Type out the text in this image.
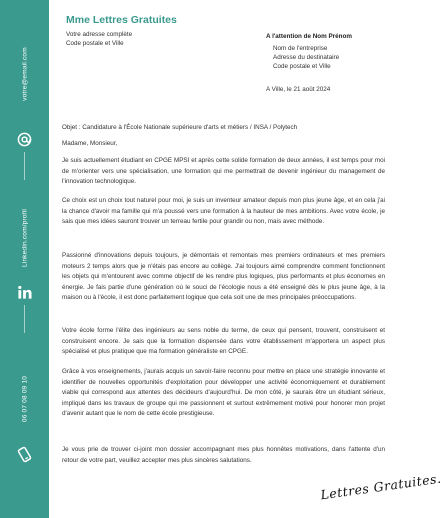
votre@email.com
Linkedin.com/profil
06 07 08 09 10
Mme Lettres Gratuites
Votre adresse complète
Code postale et Ville
A l'attention de Nom Prénom
Nom de l'entreprise
Adresse du destinataire
Code postale et Ville
A Ville, le 21 août 2024
Objet : Candidature à l'École Nationale supérieure d'arts et métiers / INSA / Polytech
Madame, Monsieur,

Je suis actuellement étudiant en CPGE MPSI et après cette solide formation de deux années, il est temps pour moi de m'orienter vers une spécialisation, une formation qui me permettrait de devenir ingénieur du management de l'innovation technologique.

Ce choix est un choix tout naturel pour moi, je suis un inventeur amateur depuis mon plus jeune âge, et en cela j'ai la chance d'avoir ma famille qui m'a poussé vers une formation à la hauteur de mes ambitions. Avec votre école, je sais que mes idées sauront trouver un terreau fertile pour grandir ou non, mais avec méthode.

Passionné d'innovations depuis toujours, je démontais et remontais mes premiers ordinateurs et mes premiers moteurs 2 temps alors que je n'étais pas encore au collège. J'ai toujours aimé comprendre comment fonctionnent les objets qui m'entourent avec comme objectif de les rendre plus logiques, plus performants et plus économes en énergie. Je fais partie d'une génération où le souci de l'écologie nous a été enseigné dès le plus jeune âge, à la maison ou à l'école, il est donc parfaitement logique que cela soit une de mes principales préoccupations.

Votre école forme l'élite des ingénieurs au sens noble du terme, de ceux qui pensent, trouvent, construisent et construisent encore. Je sais que la formation dispensée dans votre établissement m'apportera un aspect plus spécialisé et plus pratique que ma formation généraliste en CPGE.

Grâce à vos enseignements, j'aurais acquis un savoir-faire reconnu pour mettre en place une stratégie innovante et identifier de nouvelles opportunités d'exploitation pour développer une activité économiquement et durablement viable qui correspond aux attentes des décideurs d'aujourd'hui. De mon côté, je saurais être un étudiant sérieux, impliqué dans les travaux de groupe qui me passionnent et surtout extrêmement motivé pour honorer mon projet d'avenir autant que le nom de cette école prestigieuse.

Je vous prie de trouver ci-joint mon dossier accompagnant mes plus honnêtes motivations, dans l'attente d'un retour de votre part, veuillez accepter mes plus sincères salutations.

Lettres Gratuites.
